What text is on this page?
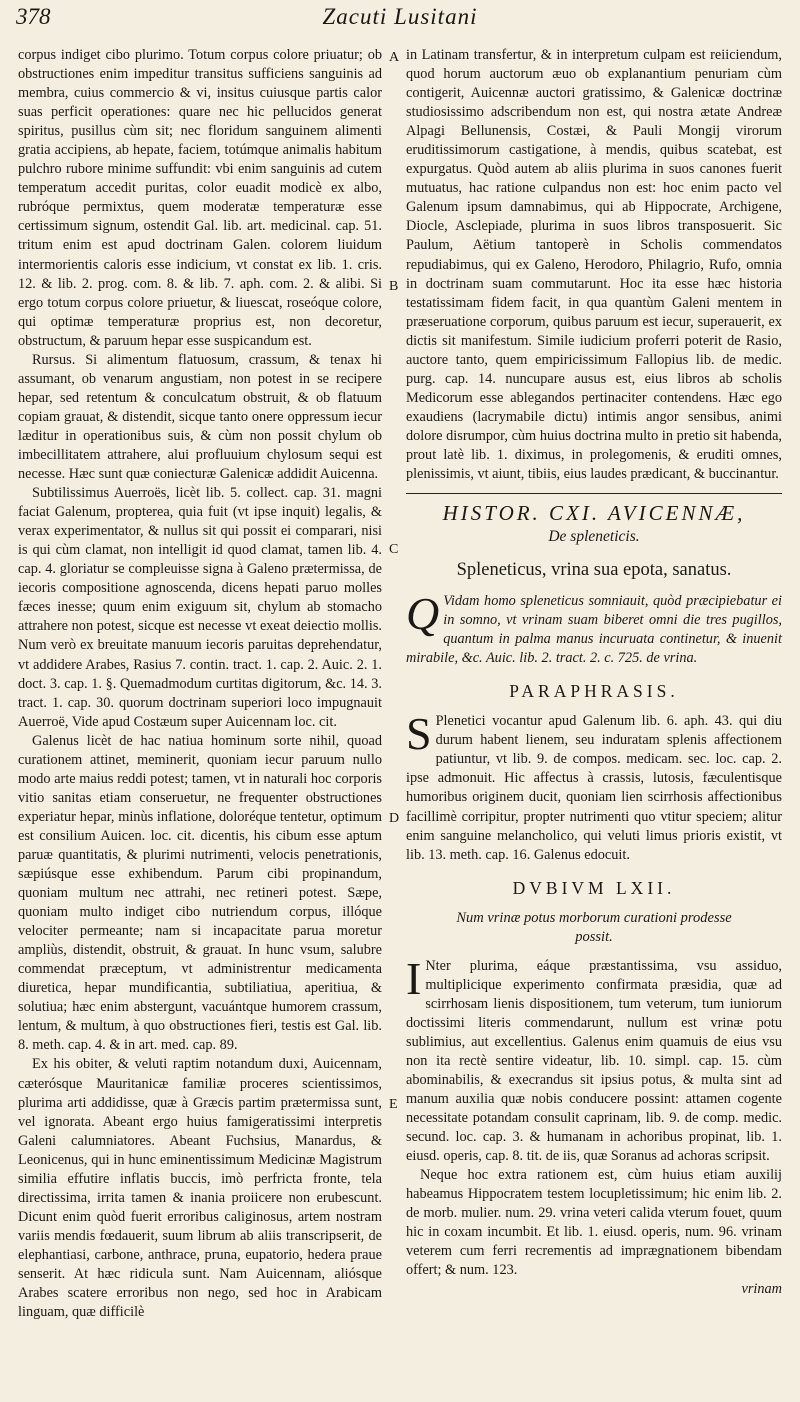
378	Zacuti Lusitani
A
B
C
D
E

corpus indiget cibo plurimo. Totum corpus colore priuatur; ob obstructiones enim impeditur transitus sufficiens sanguinis ad membra, cuius commercio & vi, insitus cuiusque partis calor suas perficit operationes: quare nec hic pellucidos generat spiritus, pusillus cùm sit; nec floridum sanguinem alimenti gratia accipiens, ab hepate, faciem, totúmque animalis habitum pulchro rubore minime suffundit: vbi enim sanguinis ad cutem temperatum accedit puritas, color euadit modicè ex albo, rubróque permixtus, quem moderatæ temperaturæ esse certissimum signum, ostendit Gal. lib. art. medicinal. cap. 51. tritum enim est apud doctrinam Galen. colorem liuidum intermorientis caloris esse indicium, vt constat ex lib. 1. cris. 12. & lib. 2. prog. com. 8. & lib. 7. aph. com. 2. & alibi. Si ergo totum corpus colore priuetur, & liuescat, roseóque colore, qui optimæ temperaturæ proprius est, non decoretur, obstructum, & paruum hepar esse suspicandum est.

Rursus. Si alimentum flatuosum, crassum, & tenax hi assumant, ob venarum angustiam, non potest in se recipere hepar, sed retentum & conculcatum obstruit, & ob flatuum copiam grauat, & distendit, sicque tanto onere oppressum iecur læditur in operationibus suis, & cùm non possit chylum ob imbecillitatem attrahere, alui profluuium chylosum sequi est necesse. Hæc sunt quæ coniecturæ Galenicæ addidit Auicenna.

Subtilissimus Auerroës, licèt lib. 5. collect. cap. 31. magni faciat Galenum, propterea, quia fuit (vt ipse inquit) legalis, & verax experimentator, & nullus sit qui possit ei comparari, nisi is qui cùm clamat, non intelligit id quod clamat, tamen lib. 4. cap. 4. gloriatur se compleuisse signa à Galeno prætermissa, de iecoris compositione agnoscenda, dicens hepati paruo molles fæces inesse; quum enim exiguum sit, chylum ab stomacho attrahere non potest, sicque est necesse vt exeat deiectio mollis. Num verò ex breuitate manuum iecoris paruitas deprehendatur, vt addidere Arabes, Rasius 7. contin. tract. 1. cap. 2. Auic. 2. 1. doct. 3. cap. 1. §. Quemadmodum curtitas digitorum, &c. 14. 3. tract. 1. cap. 30. quorum doctrinam superiori loco impugnauit Auerroë, Vide apud Costæum super Auicennam loc. cit.

Galenus licèt de hac natiua hominum sorte nihil, quoad curationem attinet, meminerit, quoniam iecur paruum nullo modo arte maius reddi potest; tamen, vt in naturali hoc corporis vitio sanitas etiam conseruetur, ne frequenter obstructiones experiatur hepar, minùs inflatione, doloréque tentetur, optimum est consilium Auicen. loc. cit. dicentis, his cibum esse aptum paruæ quantitatis, & plurimi nutrimenti, velocis penetrationis, sæpiúsque esse exhibendum. Parum cibi propinandum, quoniam multum nec attrahi, nec retineri potest. Sæpe, quoniam multo indiget cibo nutriendum corpus, illóque velociter permeante; nam si incapacitate parua moretur ampliùs, distendit, obstruit, & grauat. In hunc vsum, salubre commendat præceptum, vt administrentur medicamenta diuretica, hepar mundificantia, subtiliatiua, aperitiua, & solutiua; hæc enim abstergunt, vacuántque humorem crassum, lentum, & multum, à quo obstructiones fieri, testis est Gal. lib. 8. meth. cap. 4. & in art. med. cap. 89.

Ex his obiter, & veluti raptim notandum duxi, Auicennam, cæterósque Mauritanicæ familiæ proceres scientissimos, plurima arti addidisse, quæ à Græcis partim prætermissa sunt, vel ignorata. Abeant ergo huius famigeratissimi interpretis Galeni calumniatores. Abeant Fuchsius, Manardus, & Leonicenus, qui in hunc eminentissimum Medicinæ Magistrum similia effutire inflatis buccis, imò perfricta fronte, tela directissima, irrita tamen & inania proiicere non erubescunt. Dicunt enim quòd fuerit erroribus caliginosus, artem nostram variis mendis fœdauerit, suum librum ab aliis transcripserit, de elephantiasi, carbone, anthrace, pruna, eupatorio, hedera praue senserit. At hæc ridicula sunt. Nam Auicennam, aliósque Arabes scatere erroribus non nego, sed hoc in Arabicam linguam, quæ difficilè

in Latinam transfertur, & in interpretum culpam est reiiciendum, quod horum auctorum æuo ob explanantium penuriam cùm contigerit, Auicennæ auctori gratissimo, & Galenicæ doctrinæ studiosissimo adscribendum non est, qui nostra ætate Andreæ Alpagi Bellunensis, Costæi, & Pauli Mongij virorum eruditissimorum castigatione, à mendis, quibus scatebat, est expurgatus. Quòd autem ab aliis plurima in suos canones fuerit mutuatus, hac ratione culpandus non est: hoc enim pacto vel Galenum ipsum damnabimus, qui ab Hippocrate, Archigene, Diocle, Asclepiade, plurima in suos libros transposuerit. Sic Paulum, Aëtium tantoperè in Scholis commendatos repudiabimus, qui ex Galeno, Herodoro, Philagrio, Rufo, omnia in doctrinam suam commutarunt. Hoc ita esse hæc historia testatissimam fidem facit, in qua quantùm Galeni mentem in præseruatione corporum, quibus paruum est iecur, superauerit, ex dictis sit manifestum. Simile iudicium proferri poterit de Rasio, auctore tanto, quem empiricissimum Fallopius lib. de medic. purg. cap. 14. nuncupare ausus est, eius libros ab scholis Medicorum esse ablegandos pertinaciter contendens. Hæc ego exaudiens (lacrymabile dictu) intimis angor sensibus, animi dolore disrumpor, cùm huius doctrina multo in pretio sit habenda, prout latè lib. 1. diximus, in prolegomenis, & eruditi omnes, plenissimis, vt aiunt, tibiis, eius laudes prædicant, & buccinantur.

HISTOR. CXI. AVICENNÆ,
De spleneticis.
Spleneticus, vrina sua epota, sanatus.

Q Vidam homo spleneticus somniauit, quòd præcipiebatur ei in somno, vt vrinam suam biberet omni die tres pugillos, quantum in palma manus incuruata continetur, & inuenit mirabile, &c. Auic. lib. 2. tract. 2. c. 725. de vrina.

PARAPHRASIS.

S Plenetici vocantur apud Galenum lib. 6. aph. 43. qui diu durum habent lienem, seu induratam splenis affectionem patiuntur, vt lib. 9. de compos. medicam. sec. loc. cap. 2. ipse admonuit. Hic affectus à crassis, lutosis, fæculentisque humoribus originem ducit, quoniam lien scirrhosis affectionibus facillimè corripitur, propter nutrimenti quo vtitur speciem; alitur enim sanguine melancholico, qui veluti limus prioris existit, vt lib. 13. meth. cap. 16. Galenus edocuit.

DVBIVM LXII.
Num vrinæ potus morborum curationi prodesse possit.

I Nter plurima, eáque præstantissima, vsu assiduo, multiplicique experimento confirmata præsidia, quæ ad scirrhosam lienis dispositionem, tum veterum, tum iuniorum doctissimi literis commendarunt, nullum est vrinæ potu sublimius, aut excellentius. Galenus enim quamuis de eius vsu non ita rectè sentire videatur, lib. 10. simpl. cap. 15. cùm abominabilis, & execrandus sit ipsius potus, & multa sint ad manum auxilia quæ nobis conducere possint: attamen cogente necessitate potandam consulit caprinam, lib. 9. de comp. medic. secund. loc. cap. 3. & humanam in achoribus propinat, lib. 1. eiusd. operis, cap. 8. tit. de iis, quæ Soranus ad achoras scripsit.

Neque hoc extra rationem est, cùm huius etiam auxilij habeamus Hippocratem testem locupletissimum; hic enim lib. 2. de morb. mulier. num. 29. vrina veteri calida vterum fouet, quum hic in coxam incumbit. Et lib. 1. eiusd. operis, num. 96. vrinam veterem cum ferri recrementis ad imprægnationem bibendam offert; & num. 123.

vrinam
